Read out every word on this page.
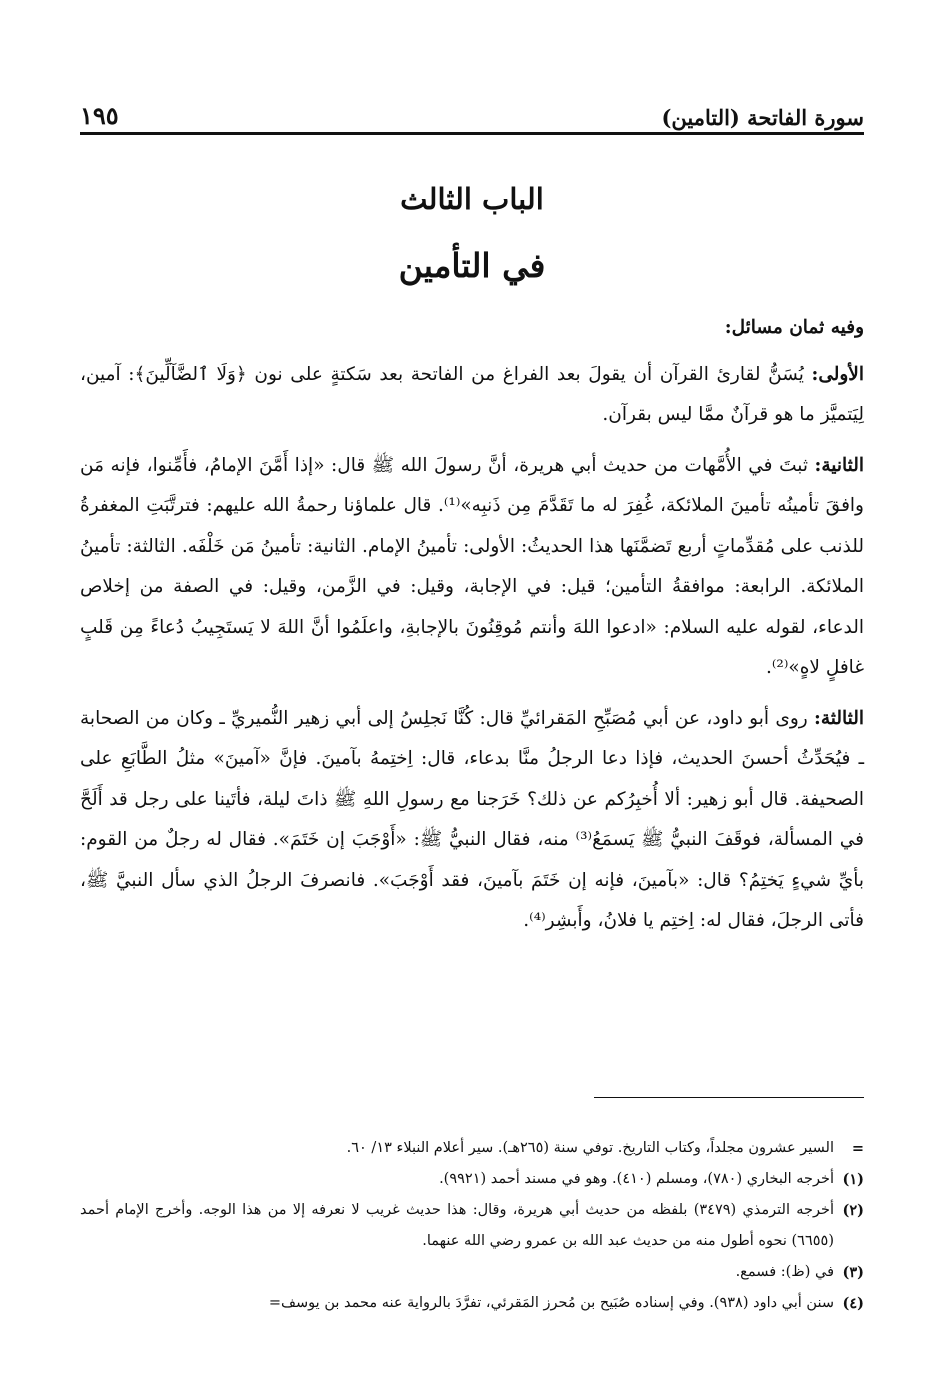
سورة الفاتحة (التامين)
١٩٥
الباب الثالث
في التأمين

وفيه ثمان مسائل:

الأولى: يُسَنُّ لقارئ القرآن أن يقولَ بعد الفراغ من الفاتحة بعد سَكتةٍ على نون ﴿وَلَا ٱلضَّآلِّينَ﴾: آمين، لِيَتميَّز ما هو قرآنٌ ممَّا ليس بقرآن.

الثانية: ثبتَ في الأُمَّهات من حديث أبي هريرة، أنَّ رسولَ الله ﷺ قال: «إذا أَمَّنَ الإمامُ، فأَمِّنوا، فإنه مَن وافقَ تأمينُه تأمينَ الملائكة، غُفِرَ له ما تَقَدَّمَ مِن ذَنبِه»⁽¹⁾. قال علماؤنا رحمةُ الله عليهم: فترتَّبَتِ المغفرةُ للذنب على مُقدِّماتٍ أربع تَضمَّنَها هذا الحديثُ: الأولى: تأمينُ الإمام. الثانية: تأمينُ مَن خَلْفَه. الثالثة: تأمينُ الملائكة. الرابعة: موافقةُ التأمين؛ قيل: في الإجابة، وقيل: في الزَّمن، وقيل: في الصفة من إخلاص الدعاء، لقوله عليه السلام: «ادعوا اللهَ وأنتم مُوقِنُونَ بالإجابةِ، واعلَمُوا أنَّ اللهَ لا يَستَجِيبُ دُعاءً مِن قَلبٍ غافلٍ لاهٍ»⁽²⁾.

الثالثة: روى أبو داود، عن أبي مُصَبِّحِ المَقرائيِّ قال: كُنَّا نَجلِسُ إلى أبي زهير النُّميريِّ ـ وكان من الصحابة ـ فيُحَدِّثُ أحسنَ الحديث، فإذا دعا الرجلُ منَّا بدعاء، قال: اِختِمهُ بآمينَ. فإنَّ «آمينَ» مثلُ الطَّابَعِ على الصحيفة. قال أبو زهير: ألا أُخبِرُكم عن ذلك؟ خَرَجنا مع رسولِ اللهِ ﷺ ذاتَ ليلة، فأتَينا على رجل قد أَلَحَّ في المسألة، فوقَفَ النبيُّ ﷺ يَسمَعُ⁽³⁾ منه، فقال النبيُّ ﷺ: «أَوْجَبَ إن خَتَمَ». فقال له رجلٌ من القوم: بأيِّ شيءٍ يَختِمُ؟ قال: «بآمينَ، فإنه إن خَتَمَ بآمينَ، فقد أَوْجَبَ». فانصرفَ الرجلُ الذي سأل النبيَّ ﷺ، فأتى الرجلَ، فقال له: اِختِم يا فلانُ، وأَبشِر⁽⁴⁾.

=
السير عشرون مجلداً، وكتاب التاريخ. توفي سنة (٢٦٥هـ). سير أعلام النبلاء ١٣/ ٦٠.
(١)
أخرجه البخاري (٧٨٠)، ومسلم (٤١٠). وهو في مسند أحمد (٩٩٢١).
(٢)
أخرجه الترمذي (٣٤٧٩) بلفظه من حديث أبي هريرة، وقال: هذا حديث غريب لا نعرفه إلا من هذا الوجه. وأخرج الإمام أحمد (٦٦٥٥) نحوه أطول منه من حديث عبد الله بن عمرو رضي الله عنهما.
(٣)
في (ظ): فسمع.
(٤)
سنن أبي داود (٩٣٨). وفي إسناده صُبَيح بن مُحرز المَقرئي، تفرَّدَ بالرواية عنه محمد بن يوسف=
